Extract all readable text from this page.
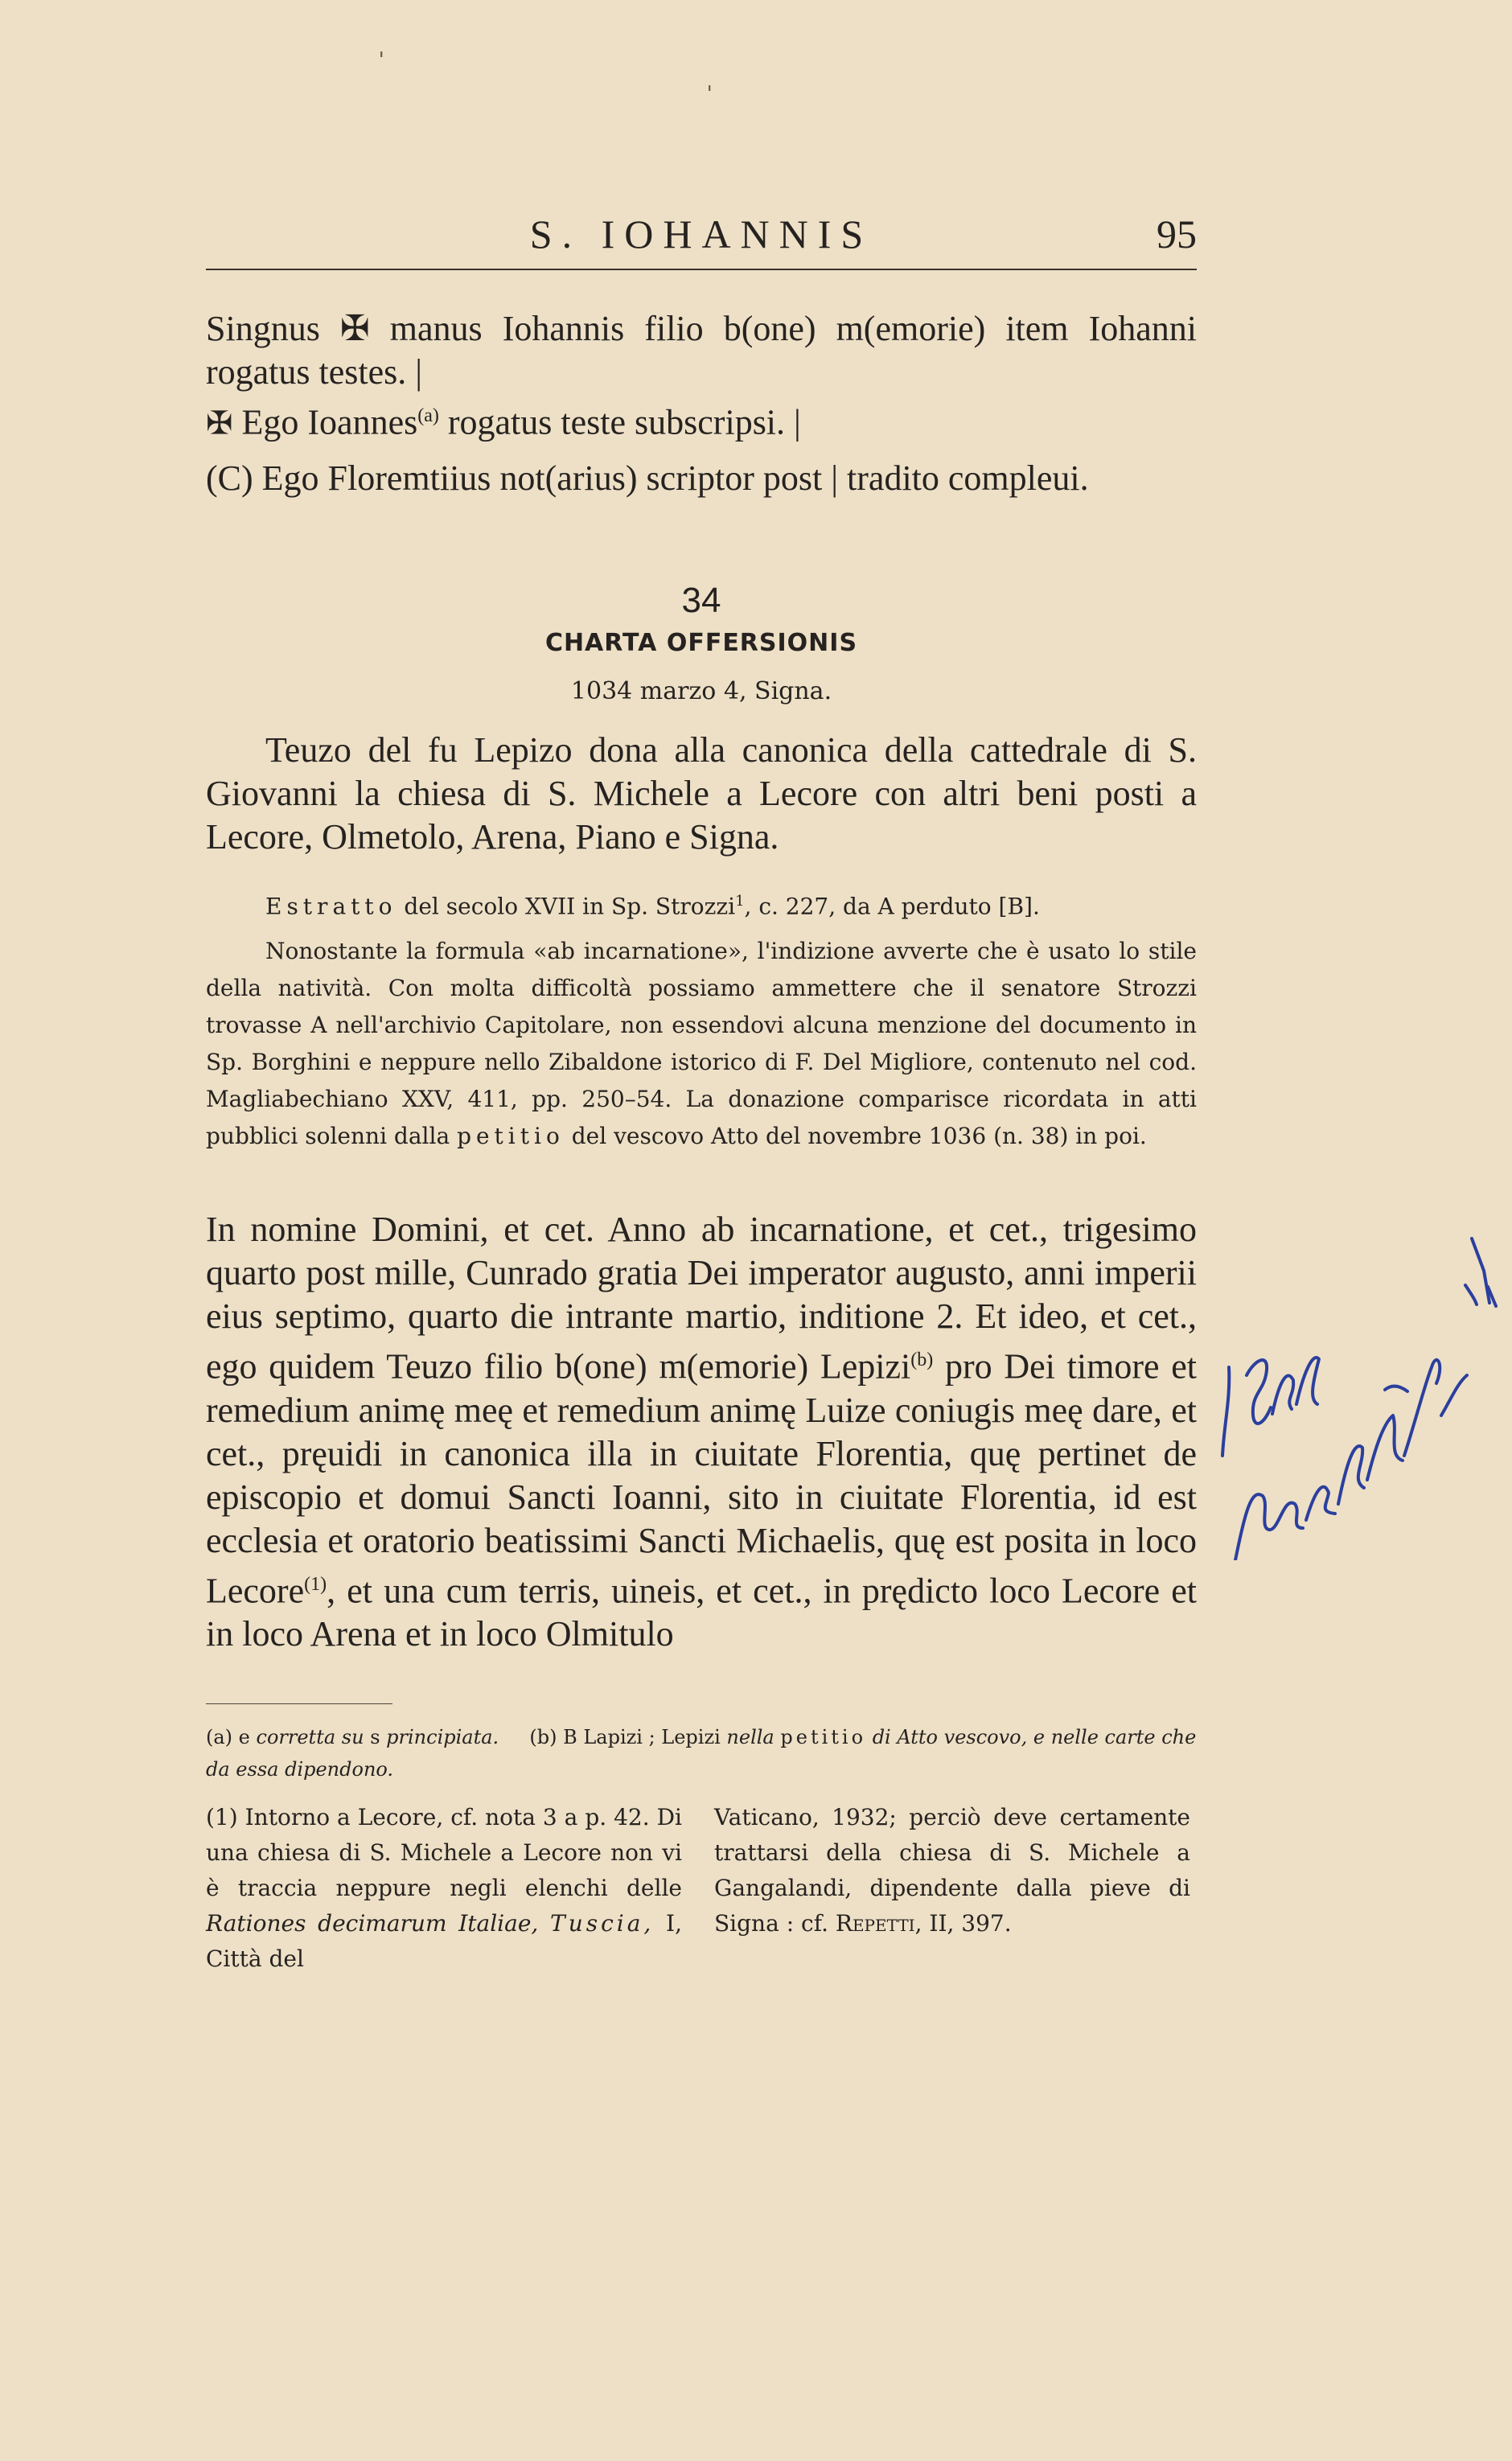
ˈ
ˈ
S. IOHANNIS	95

Singnus ✠ manus Iohannis filio b(one) m(emorie) item Iohanni rogatus testes. |

✠ Ego Ioannes$^{(a)}$ rogatus teste subscripsi. |

(C) Ego Floremtiius not(arius) scriptor post | tradito compleui.

34

CHARTA OFFERSIONIS

1034 marzo 4, Signa.

Teuzo del fu Lepizo dona alla canonica della cattedrale di S. Giovanni la chiesa di S. Michele a Lecore con altri beni posti a Lecore, Olmetolo, Arena, Piano e Signa.

Estratto del secolo XVII in Sp. Strozzi$^1$, c. 227, da A perduto [B].

Nonostante la formula «ab incarnatione», l'indizione avverte che è usato lo stile della natività. Con molta difficoltà possiamo ammettere che il senatore Strozzi trovasse A nell'archivio Capitolare, non essendovi alcuna menzione del documento in Sp. Borghini e neppure nello Zibaldone istorico di F. Del Migliore, contenuto nel cod. Magliabechiano XXV, 411, pp. 250–54. La donazione comparisce ricordata in atti pubblici solenni dalla petitio del vescovo Atto del novembre 1036 (n. 38) in poi.

In nomine Domini, et cet. Anno ab incarnatione, et cet., trigesimo quarto post mille, Cunrado gratia Dei imperator augusto, anni imperii eius septimo, quarto die intrante martio, inditione 2. Et ideo, et cet., ego quidem Teuzo filio b(one) m(emorie) Lepizi$^{(b)}$ pro Dei timore et remedium animę meę et remedium animę Luize coniugis meę dare, et cet., pręuidi in canonica illa in ciuitate Florentia, quę pertinet de episcopio et domui Sancti Ioanni, sito in ciuitate Florentia, id est ecclesia et oratorio beatissimi Sancti Michaelis, quę est posita in loco Lecore$^{(1)}$, et una cum terris, uineis, et cet., in prędicto loco Lecore et in loco Arena et in loco Olmitulo

(a) e corretta su s principiata. (b) B Lapizi ; Lepizi nella petitio di Atto vescovo, e nelle carte che da essa dipendono.

(1) Intorno a Lecore, cf. nota 3 a p. 42. Di una chiesa di S. Michele a Lecore non vi è traccia neppure negli elenchi delle Rationes decimarum Italiae, Tuscia, I, Città del

Vaticano, 1932; perciò deve certamente trattarsi della chiesa di S. Michele a Gangalandi, dipendente dalla pieve di Signa : cf. Repetti, II, 397.
